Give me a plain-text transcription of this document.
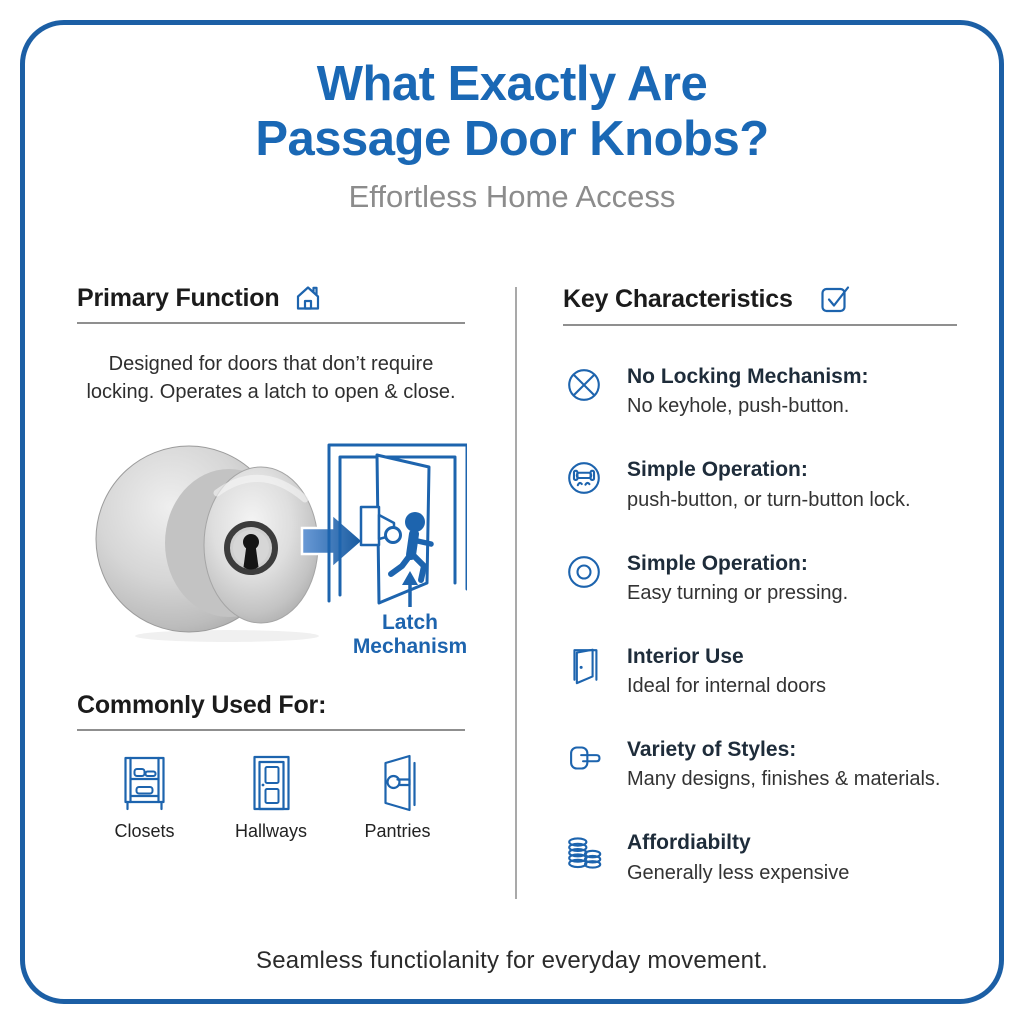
What Exactly Are
Passage Door Knobs?
Effortless Home Access
Primary Function
Designed for doors that don’t require
locking. Operates a latch to open & close.
Latch
Mechanism
Commonly Used For:
Closets	Hallways	Pantries
Key Characteristics
No Locking Mechanism:
No keyhole, push-button.
Simple Operation:
push-button, or turn-button lock.
Simple Operation:
Easy turning or pressing.
Interior Use
Ideal for internal doors
Variety of Styles:
Many designs, finishes & materials.
Affordiabilty
Generally less expensive
Seamless functiolanity for everyday movement.
